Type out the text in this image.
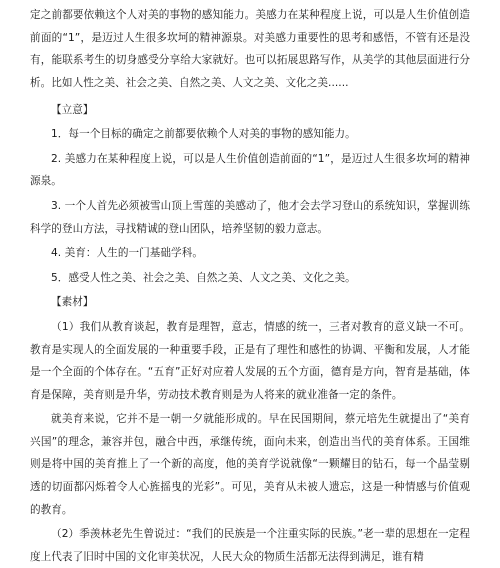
定之前都要依赖这个人对美的事物的感知能力。美感力在某种程度上说，可以是人生价值创造前面的“1”，是迈过人生很多坎坷的精神源泉。对美感力重要性的思考和感悟，不管有还是没有，能联系考生的切身感受分享给大家就好。也可以拓展思路写作，从美学的其他层面进行分析。比如人性之美、社会之美、自然之美、人文之美、文化之美......

【立意】

1．每一个目标的确定之前都要依赖个人对美的事物的感知能力。

2. 美感力在某种程度上说，可以是人生价值创造前面的“1”，是迈过人生很多坎坷的精神源泉。

3. 一个人首先必须被雪山顶上雪莲的美感动了，他才会去学习登山的系统知识，掌握训练科学的登山方法，寻找精诚的登山团队，培养坚韧的毅力意志。

4. 美育：人生的一门基础学科。

5．感受人性之美、社会之美、自然之美、人文之美、文化之美。

【素材】

（1）我们从教育谈起，教育是理智，意志，情感的统一，三者对教育的意义缺一不可。教育是实现人的全面发展的一种重要手段，正是有了理性和感性的协调、平衡和发展，人才能是一个全面的个体存在。“五育”正好对应着人发展的五个方面，德育是方向，智育是基础，体育是保障，美育则是升华，劳动技术教育则是为人将来的就业准备一定的条件。

就美育来说，它并不是一朝一夕就能形成的。早在民国期间，蔡元培先生就提出了“美育兴国”的理念，兼容并包，融合中西，承继传统，面向未来，创造出当代的美育体系。王国维则是将中国的美育推上了一个新的高度，他的美育学说就像“一颗耀目的钻石，每一个晶莹剔透的切面都闪烁着令人心旌摇曳的光彩”。可见，美育从未被人遗忘，这是一种情感与价值观的教育。

（2）季羡林老先生曾说过：“我们的民族是一个注重实际的民族。”老一辈的思想在一定程度上代表了旧时中国的文化审美状况，人民大众的物质生活都无法得到满足，谁有精
